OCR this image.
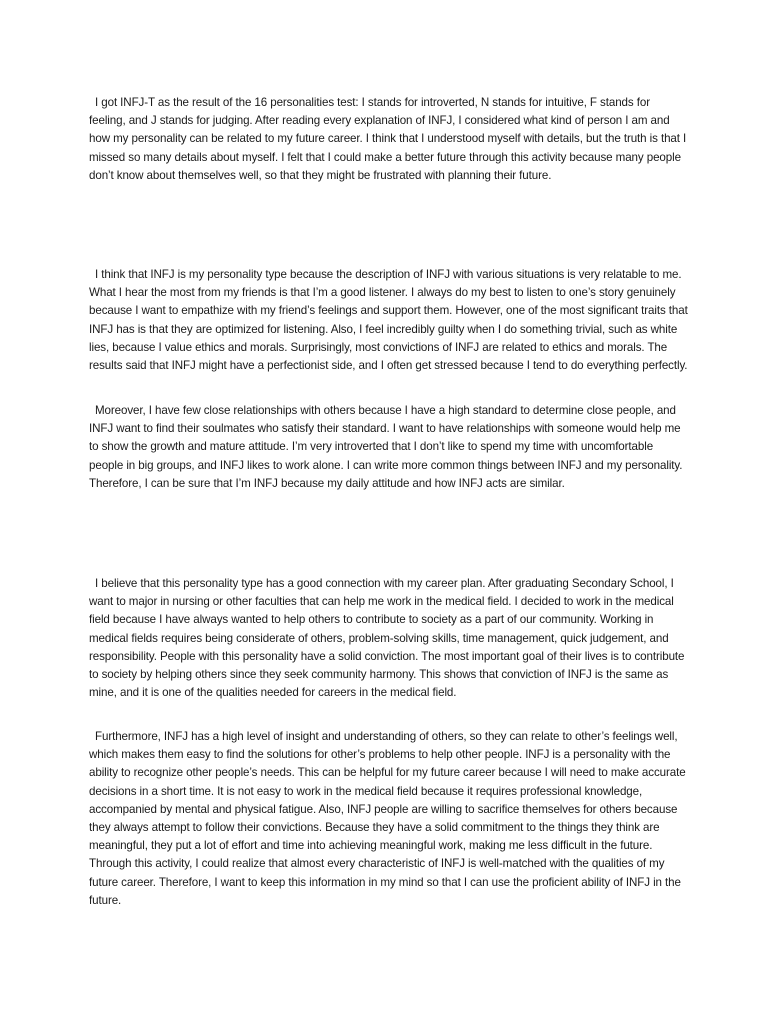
I got INFJ-T as the result of the 16 personalities test: I stands for introverted, N stands for intuitive, F stands for feeling, and J stands for judging. After reading every explanation of INFJ, I considered what kind of person I am and how my personality can be related to my future career. I think that I understood myself with details, but the truth is that I missed so many details about myself. I felt that I could make a better future through this activity because many people don’t know about themselves well, so that they might be frustrated with planning their future.

I think that INFJ is my personality type because the description of INFJ with various situations is very relatable to me. What I hear the most from my friends is that I’m a good listener. I always do my best to listen to one’s story genuinely because I want to empathize with my friend’s feelings and support them. However, one of the most significant traits that INFJ has is that they are optimized for listening. Also, I feel incredibly guilty when I do something trivial, such as white lies, because I value ethics and morals. Surprisingly, most convictions of INFJ are related to ethics and morals. The results said that INFJ might have a perfectionist side, and I often get stressed because I tend to do everything perfectly.

Moreover, I have few close relationships with others because I have a high standard to determine close people, and INFJ want to find their soulmates who satisfy their standard. I want to have relationships with someone would help me to show the growth and mature attitude. I’m very introverted that I don’t like to spend my time with uncomfortable people in big groups, and INFJ likes to work alone. I can write more common things between INFJ and my personality. Therefore, I can be sure that I’m INFJ because my daily attitude and how INFJ acts are similar.

I believe that this personality type has a good connection with my career plan. After graduating Secondary School, I want to major in nursing or other faculties that can help me work in the medical field. I decided to work in the medical field because I have always wanted to help others to contribute to society as a part of our community. Working in medical fields requires being considerate of others, problem-solving skills, time management, quick judgement, and responsibility. People with this personality have a solid conviction. The most important goal of their lives is to contribute to society by helping others since they seek community harmony. This shows that conviction of INFJ is the same as mine, and it is one of the qualities needed for careers in the medical field.

Furthermore, INFJ has a high level of insight and understanding of others, so they can relate to other’s feelings well, which makes them easy to find the solutions for other’s problems to help other people. INFJ is a personality with the ability to recognize other people’s needs. This can be helpful for my future career because I will need to make accurate decisions in a short time. It is not easy to work in the medical field because it requires professional knowledge, accompanied by mental and physical fatigue. Also, INFJ people are willing to sacrifice themselves for others because they always attempt to follow their convictions. Because they have a solid commitment to the things they think are meaningful, they put a lot of effort and time into achieving meaningful work, making me less difficult in the future. Through this activity, I could realize that almost every characteristic of INFJ is well-matched with the qualities of my future career. Therefore, I want to keep this information in my mind so that I can use the proficient ability of INFJ in the future.
